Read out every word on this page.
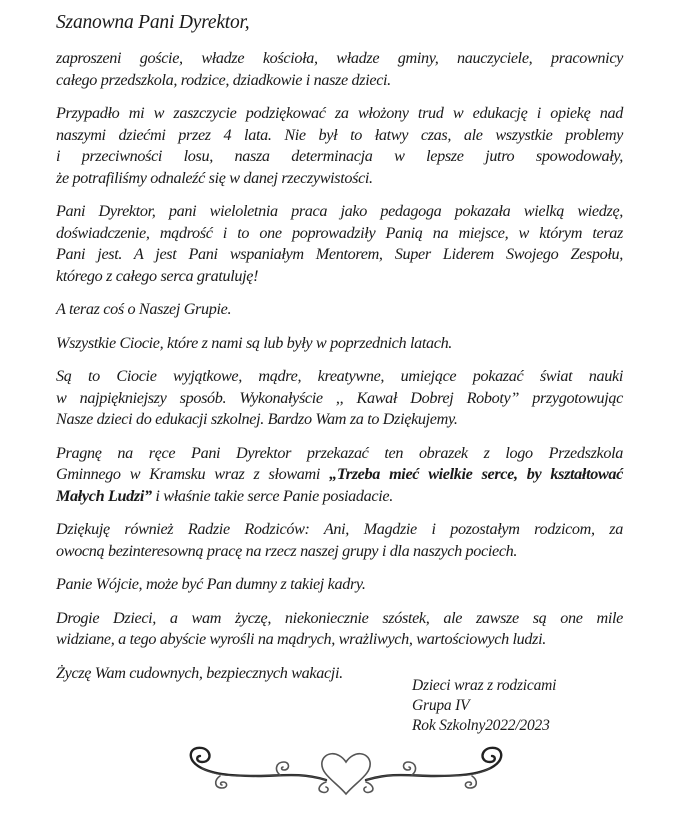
Szanowna Pani Dyrektor,

zaproszeni goście, władze kościoła, władze gminy, nauczyciele, pracownicy
całego przedszkola, rodzice, dziadkowie i nasze dzieci.

Przypadło mi w zaszczycie podziękować za włożony trud w edukację i opiekę nad
naszymi dziećmi przez 4 lata. Nie był to łatwy czas, ale wszystkie problemy
i przeciwności losu, nasza determinacja w lepsze jutro spowodowały,
że potrafiliśmy odnaleźć się w danej rzeczywistości.

Pani Dyrektor, pani wieloletnia praca jako pedagoga pokazała wielką wiedzę,
doświadczenie, mądrość i to one poprowadziły Panią na miejsce, w którym teraz
Pani jest. A jest Pani wspaniałym Mentorem, Super Liderem Swojego Zespołu,
którego z całego serca gratuluję!

A teraz coś o Naszej Grupie.

Wszystkie Ciocie, które z nami są lub były w poprzednich latach.

Są to Ciocie wyjątkowe, mądre, kreatywne, umiejące pokazać świat nauki
w najpiękniejszy sposób. Wykonałyście ,, Kawał Dobrej Roboty” przygotowując
Nasze dzieci do edukacji szkolnej. Bardzo Wam za to Dziękujemy.

Pragnę na ręce Pani Dyrektor przekazać ten obrazek z logo Przedszkola
Gminnego w Kramsku wraz z słowami „Trzeba mieć wielkie serce, by kształtować
Małych Ludzi” i właśnie takie serce Panie posiadacie.

Dziękuję również Radzie Rodziców: Ani, Magdzie i pozostałym rodzicom, za
owocną bezinteresowną pracę na rzecz naszej grupy i dla naszych pociech.

Panie Wójcie, może być Pan dumny z takiej kadry.

Drogie Dzieci, a wam życzę, niekoniecznie szóstek, ale zawsze są one mile
widziane, a tego abyście wyrośli na mądrych, wrażliwych, wartościowych ludzi.

Życzę Wam cudownych, bezpiecznych wakacji.

Dzieci wraz z rodzicami
Grupa IV
Rok Szkolny2022/2023
